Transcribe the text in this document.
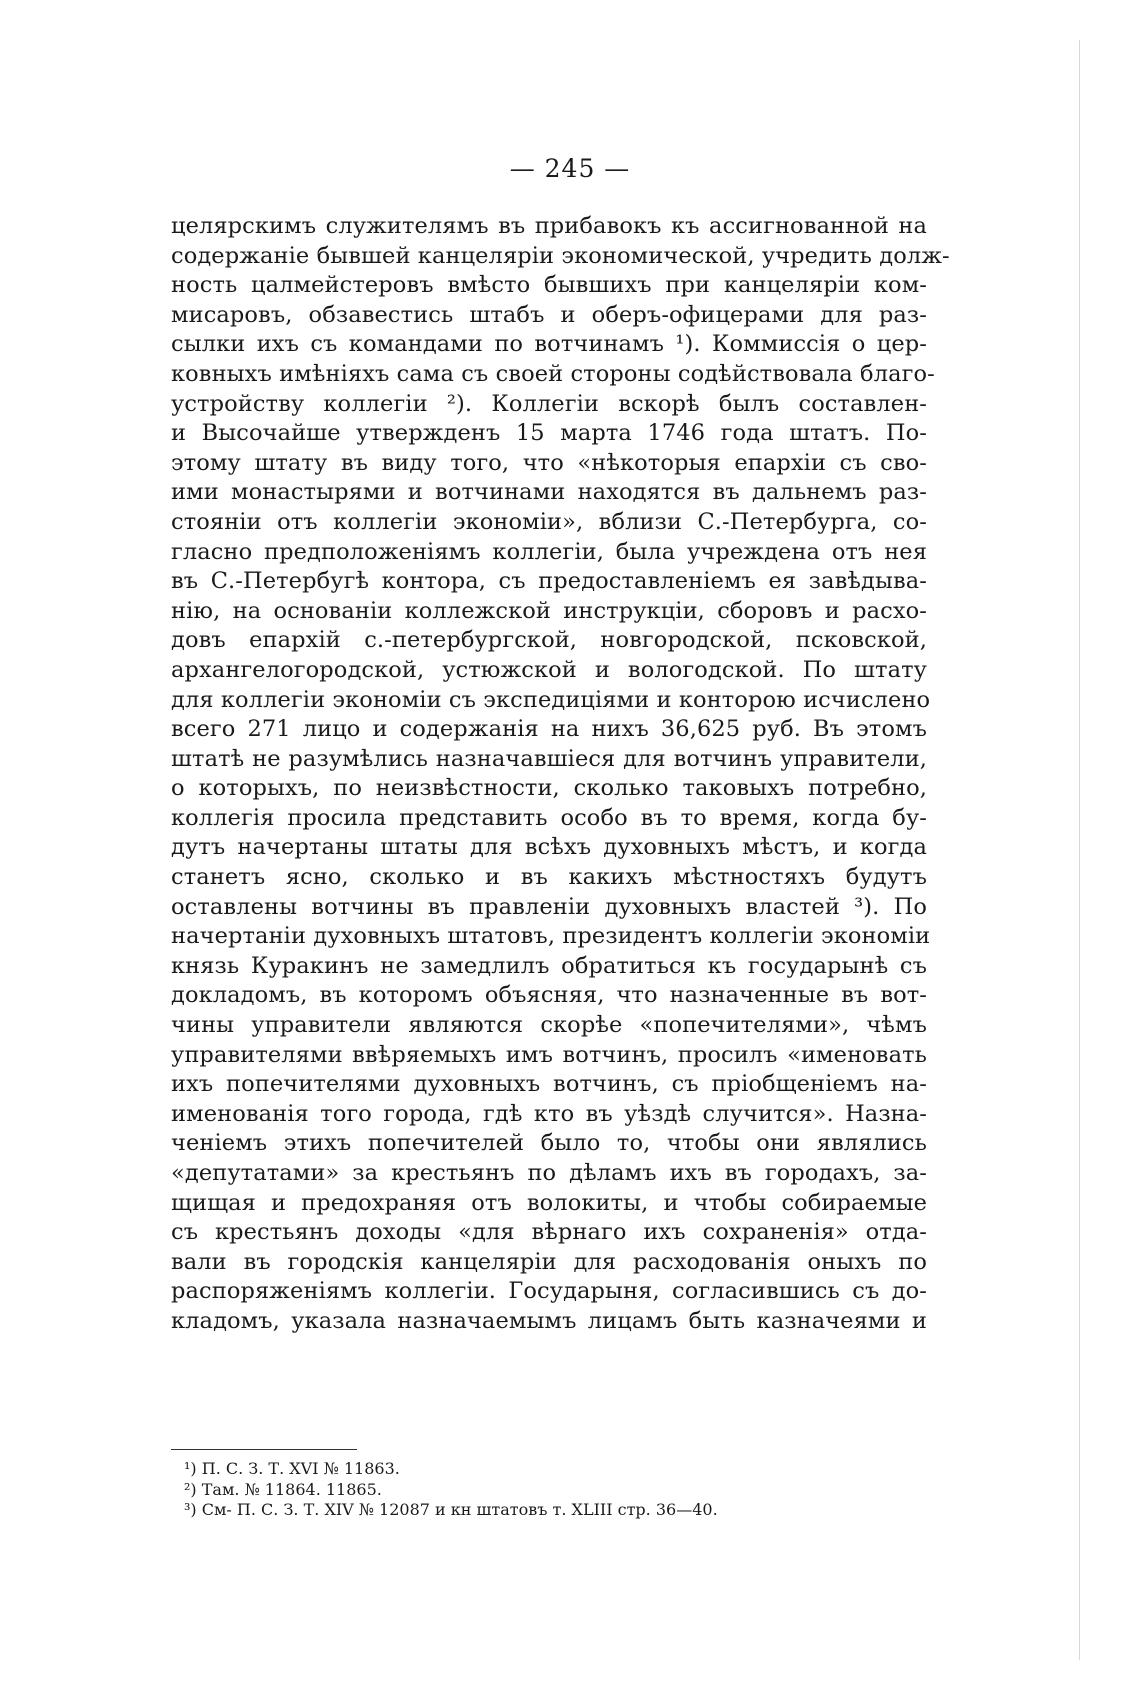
— 245 —
целярскимъ служителямъ въ прибавокъ къ ассигнованной на
содержаніе бывшей канцеляріи экономической, учредить долж-
ность цалмейстеровъ вмѣсто бывшихъ при канцеляріи ком-
мисаровъ, обзавестись штабъ и оберъ-офицерами для раз-
сылки ихъ съ командами по вотчинамъ ¹). Коммиссія о цер-
ковныхъ имѣніяхъ сама съ своей стороны содѣйствовала благо-
устройству коллегіи ²). Коллегіи вскорѣ былъ составлен-
и Высочайше утвержденъ 15 марта 1746 года штатъ. По-
этому штату въ виду того, что «нѣкоторыя епархіи съ сво-
ими монастырями и вотчинами находятся въ дальнемъ раз-
стояніи отъ коллегіи экономіи», вблизи С.-Петербурга, со-
гласно предположеніямъ коллегіи, была учреждена отъ нея
въ С.-Петербугѣ контора, съ предоставленіемъ ея завѣдыва-
нію, на основаніи коллежской инструкціи, сборовъ и расхо-
довъ епархій с.-петербургской, новгородской, псковской,
архангелогородской, устюжской и вологодской. По штату
для коллегіи экономіи съ экспедиціями и конторою исчислено
всего 271 лицо и содержанія на нихъ 36,625 руб. Въ этомъ
штатѣ не разумѣлись назначавшіеся для вотчинъ управители,
о которыхъ, по неизвѣстности, сколько таковыхъ потребно,
коллегія просила представить особо въ то время, когда бу-
дутъ начертаны штаты для всѣхъ духовныхъ мѣстъ, и когда
станетъ ясно, сколько и въ какихъ мѣстностяхъ будутъ
оставлены вотчины въ правленіи духовныхъ властей ³). По
начертаніи духовныхъ штатовъ, президентъ коллегіи экономіи
князь Куракинъ не замедлилъ обратиться къ государынѣ съ
докладомъ, въ которомъ объясняя, что назначенные въ вот-
чины управители являются скорѣе «попечителями», чѣмъ
управителями ввѣряемыхъ имъ вотчинъ, просилъ «именовать
ихъ попечителями духовныхъ вотчинъ, съ пріобщеніемъ на-
именованія того города, гдѣ кто въ уѣздѣ случится». Назна-
ченіемъ этихъ попечителей было то, чтобы они являлись
«депутатами» за крестьянъ по дѣламъ ихъ въ городахъ, за-
щищая и предохраняя отъ волокиты, и чтобы собираемые
съ крестьянъ доходы «для вѣрнаго ихъ сохраненія» отда-
вали въ городскія канцеляріи для расходованія оныхъ по
распоряженіямъ коллегіи. Государыня, согласившись съ до-
кладомъ, указала назначаемымъ лицамъ быть казначеями и
¹) П. С. З. Т. XVI № 11863.
²) Там. № 11864. 11865.
³) См- П. С. З. Т. XIV № 12087 и кн штатовъ т. XLIII стр. 36—40.
